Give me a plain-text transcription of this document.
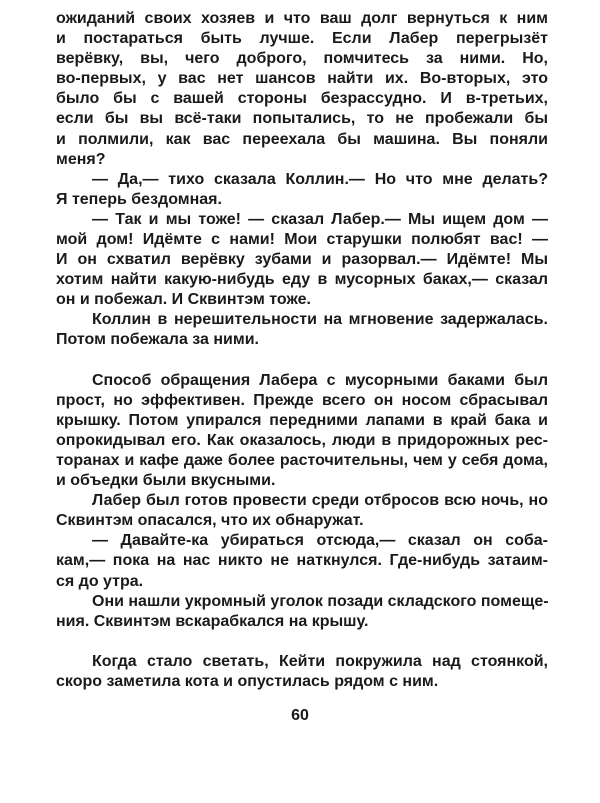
ожиданий своих хозяев и что ваш долг вернуться к ним
и постараться быть лучше. Если Лабер перегрызёт
верёвку, вы, чего доброго, помчитесь за ними. Но,
во-первых, у вас нет шансов найти их. Во-вторых, это
было бы с вашей стороны безрассудно. И в-третьих,
если бы вы всё-таки попытались, то не пробежали бы
и полмили, как вас переехала бы машина. Вы поняли
меня?
— Да,— тихо сказала Коллин.— Но что мне делать?
Я теперь бездомная.
— Так и мы тоже! — сказал Лабер.— Мы ищем дом —
мой дом! Идёмте с нами! Мои старушки полюбят вас! —
И он схватил верёвку зубами и разорвал.— Идёмте! Мы
хотим найти какую-нибудь еду в мусорных баках,— сказал
он и побежал. И Сквинтэм тоже.
Коллин в нерешительности на мгновение задержалась.
Потом побежала за ними.
Способ обращения Лабера с мусорными баками был
прост, но эффективен. Прежде всего он носом сбрасывал
крышку. Потом упирался передними лапами в край бака и
опрокидывал его. Как оказалось, люди в придорожных рес-
торанах и кафе даже более расточительны, чем у себя дома,
и объедки были вкусными.
Лабер был готов провести среди отбросов всю ночь, но
Сквинтэм опасался, что их обнаружат.
— Давайте-ка убираться отсюда,— сказал он соба-
кам,— пока на нас никто не наткнулся. Где-нибудь затаим-
ся до утра.
Они нашли укромный уголок позади складского помеще-
ния. Сквинтэм вскарабкался на крышу.
Когда стало светать, Кейти покружила над стоянкой,
скоро заметила кота и опустилась рядом с ним.
60
